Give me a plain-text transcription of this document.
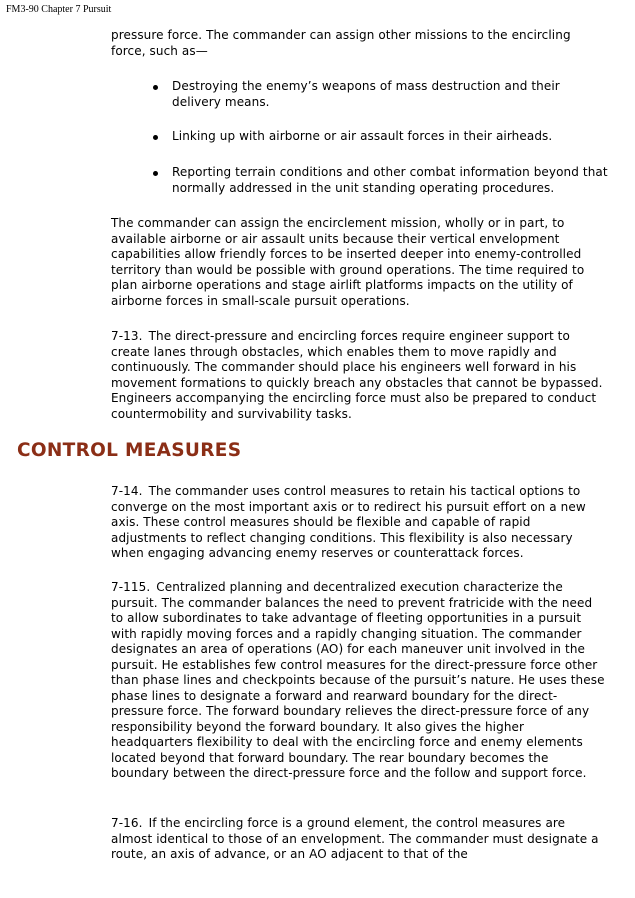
FM3-90 Chapter 7 Pursuit

pressure force. The commander can assign other missions to the encircling force, such as—

Destroying the enemy’s weapons of mass destruction and their delivery means.
Linking up with airborne or air assault forces in their airheads.
Reporting terrain conditions and other combat information beyond that normally addressed in the unit standing operating procedures.

The commander can assign the encirclement mission, wholly or in part, to available airborne or air assault units because their vertical envelopment capabilities allow friendly forces to be inserted deeper into enemy-controlled territory than would be possible with ground operations. The time required to plan airborne operations and stage airlift platforms impacts on the utility of airborne forces in small-scale pursuit operations.

7-13. The direct-pressure and encircling forces require engineer support to create lanes through obstacles, which enables them to move rapidly and continuously. The commander should place his engineers well forward in his movement formations to quickly breach any obstacles that cannot be bypassed. Engineers accompanying the encircling force must also be prepared to conduct countermobility and survivability tasks.

CONTROL MEASURES

7-14. The commander uses control measures to retain his tactical options to converge on the most important axis or to redirect his pursuit effort on a new axis. These control measures should be flexible and capable of rapid adjustments to reflect changing conditions. This flexibility is also necessary when engaging advancing enemy reserves or counterattack forces.

7-115. Centralized planning and decentralized execution characterize the pursuit. The commander balances the need to prevent fratricide with the need to allow subordinates to take advantage of fleeting opportunities in a pursuit with rapidly moving forces and a rapidly changing situation. The commander designates an area of operations (AO) for each maneuver unit involved in the pursuit. He establishes few control measures for the direct-pressure force other than phase lines and checkpoints because of the pursuit’s nature. He uses these phase lines to designate a forward and rearward boundary for the direct-pressure force. The forward boundary relieves the direct-pressure force of any responsibility beyond the forward boundary. It also gives the higher headquarters flexibility to deal with the encircling force and enemy elements located beyond that forward boundary. The rear boundary becomes the boundary between the direct-pressure force and the follow and support force.

7-16. If the encircling force is a ground element, the control measures are almost identical to those of an envelopment. The commander must designate a route, an axis of advance, or an AO adjacent to that of the
